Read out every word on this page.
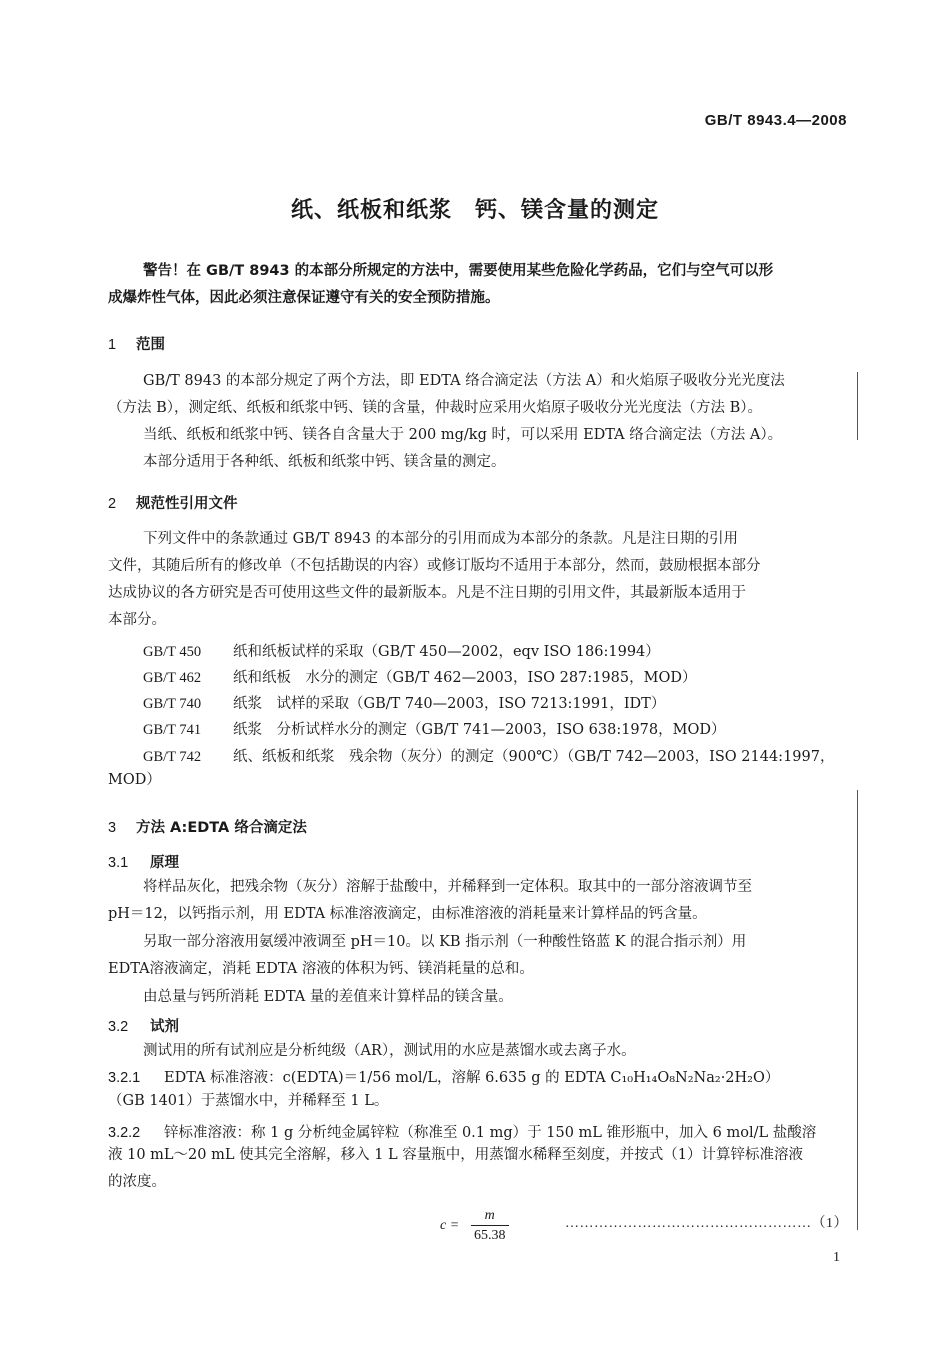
GB/T 8943.4—2008
纸、纸板和纸浆　钙、镁含量的测定
警告！在 GB/T 8943 的本部分所规定的方法中，需要使用某些危险化学药品，它们与空气可以形
成爆炸性气体，因此必须注意保证遵守有关的安全预防措施。
1 范围
GB/T 8943 的本部分规定了两个方法，即 EDTA 络合滴定法（方法 A）和火焰原子吸收分光光度法
（方法 B），测定纸、纸板和纸浆中钙、镁的含量，仲裁时应采用火焰原子吸收分光光度法（方法 B）。
当纸、纸板和纸浆中钙、镁各自含量大于 200 mg/kg 时，可以采用 EDTA 络合滴定法（方法 A）。
本部分适用于各种纸、纸板和纸浆中钙、镁含量的测定。
2 规范性引用文件
下列文件中的条款通过 GB/T 8943 的本部分的引用而成为本部分的条款。凡是注日期的引用
文件，其随后所有的修改单（不包括勘误的内容）或修订版均不适用于本部分，然而，鼓励根据本部分
达成协议的各方研究是否可使用这些文件的最新版本。凡是不注日期的引用文件，其最新版本适用于
本部分。
GB/T 450 纸和纸板试样的采取（GB/T 450—2002，eqv ISO 186:1994）
GB/T 462 纸和纸板　水分的测定（GB/T 462—2003，ISO 287:1985，MOD）
GB/T 740 纸浆　试样的采取（GB/T 740—2003，ISO 7213:1991，IDT）
GB/T 741 纸浆　分析试样水分的测定（GB/T 741—2003，ISO 638:1978，MOD）
GB/T 742 纸、纸板和纸浆　残余物（灰分）的测定（900℃）（GB/T 742—2003，ISO 2144:1997，
MOD）
3 方法 A:EDTA 络合滴定法
3.1 原理
将样品灰化，把残余物（灰分）溶解于盐酸中，并稀释到一定体积。取其中的一部分溶液调节至
pH＝12，以钙指示剂，用 EDTA 标准溶液滴定，由标准溶液的消耗量来计算样品的钙含量。
另取一部分溶液用氨缓冲液调至 pH＝10。以 KB 指示剂（一种酸性铬蓝 K 的混合指示剂）用
EDTA溶液滴定，消耗 EDTA 溶液的体积为钙、镁消耗量的总和。
由总量与钙所消耗 EDTA 量的差值来计算样品的镁含量。
3.2 试剂
测试用的所有试剂应是分析纯级（AR），测试用的水应是蒸馏水或去离子水。
3.2.1 EDTA 标准溶液：c(EDTA)＝1/56 mol/L，溶解 6.635 g 的 EDTA C₁₀H₁₄O₈N₂Na₂·2H₂O）
（GB 1401）于蒸馏水中，并稀释至 1 L。
3.2.2 锌标准溶液：称 1 g 分析纯金属锌粒（称准至 0.1 mg）于 150 mL 锥形瓶中，加入 6 mol/L 盐酸溶
液 10 mL～20 mL 使其完全溶解，移入 1 L 容量瓶中，用蒸馏水稀释至刻度，并按式（1）计算锌标准溶液
的浓度。
$c = \frac{m}{65.38}$	……………………………………………（1）
1
